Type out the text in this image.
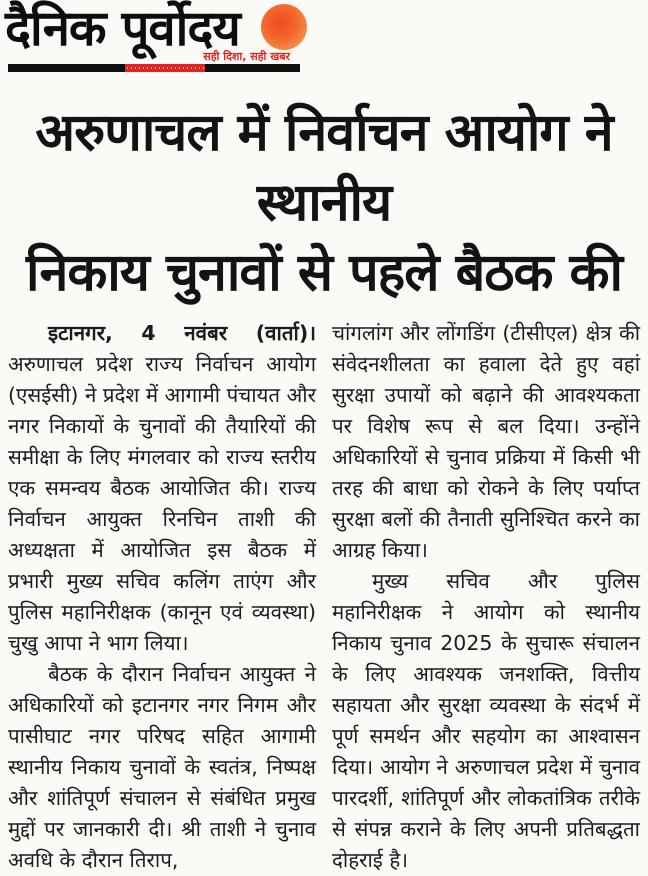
दैनिक पूर्वोदय
सही दिशा, सही खबर
अरुणाचल में निर्वाचन आयोग ने स्थानीय
निकाय चुनावों से पहले बैठक की

इटानगर, 4 नवंबर (वार्ता)। अरुणाचल प्रदेश राज्य निर्वाचन आयोग (एसईसी) ने प्रदेश में आगामी पंचायत और नगर निकायों के चुनावों की तैयारियों की समीक्षा के लिए मंगलवार को राज्य स्तरीय एक समन्वय बैठक आयोजित की। राज्य निर्वाचन आयुक्त रिनचिन ताशी की अध्यक्षता में आयोजित इस बैठक में प्रभारी मुख्य सचिव कलिंग ताएंग और पुलिस महानिरीक्षक (कानून एवं व्यवस्था) चुखु आपा ने भाग लिया।

बैठक के दौरान निर्वाचन आयुक्त ने अधिकारियों को इटानगर नगर निगम और पासीघाट नगर परिषद सहित आगामी स्थानीय निकाय चुनावों के स्वतंत्र, निष्पक्ष और शांतिपूर्ण संचालन से संबंधित प्रमुख मुद्दों पर जानकारी दी। श्री ताशी ने चुनाव अवधि के दौरान तिराप,

चांगलांग और लोंगडिंग (टीसीएल) क्षेत्र की संवेदनशीलता का हवाला देते हुए वहां सुरक्षा उपायों को बढ़ाने की आवश्यकता पर विशेष रूप से बल दिया। उन्होंने अधिकारियों से चुनाव प्रक्रिया में किसी भी तरह की बाधा को रोकने के लिए पर्याप्त सुरक्षा बलों की तैनाती सुनिश्चित करने का आग्रह किया।

मुख्य सचिव और पुलिस महानिरीक्षक ने आयोग को स्थानीय निकाय चुनाव 2025 के सुचारू संचालन के लिए आवश्यक जनशक्ति, वित्तीय सहायता और सुरक्षा व्यवस्था के संदर्भ में पूर्ण समर्थन और सहयोग का आश्वासन दिया। आयोग ने अरुणाचल प्रदेश में चुनाव पारदर्शी, शांतिपूर्ण और लोकतांत्रिक तरीके से संपन्न कराने के लिए अपनी प्रतिबद्धता दोहराई है।
